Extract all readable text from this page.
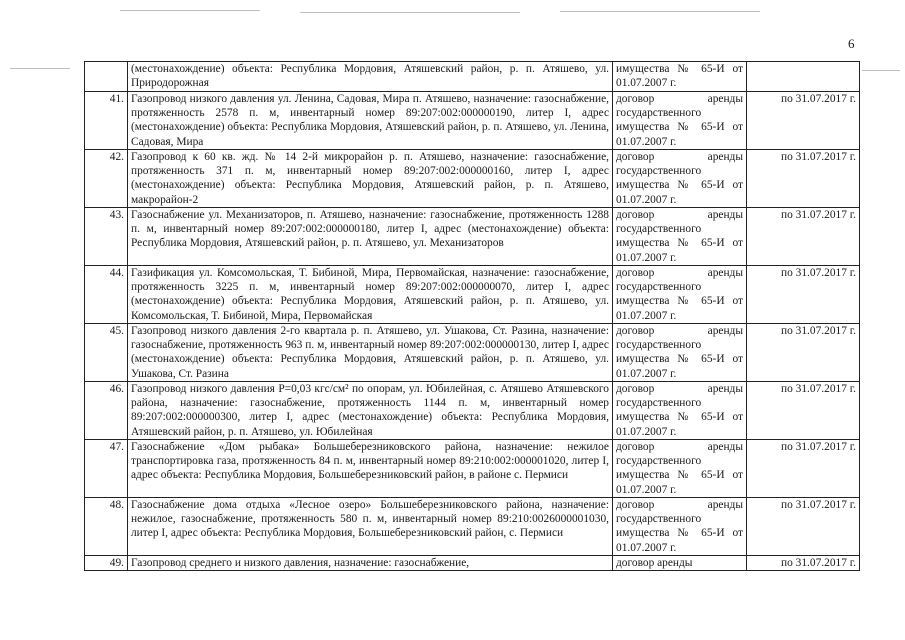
6
	(местонахождение) объекта: Республика Мордовия, Атяшевский район, р. п. Атяшево, ул. Природорожная	имущества № 65-И от 01.07.2007 г.	
41.	Газопровод низкого давления ул. Ленина, Садовая, Мира п. Атяшево, назначение: газоснабжение, протяженность 2578 п. м, инвентарный номер 89:207:002:000000190, литер I, адрес (местонахождение) объекта: Республика Мордовия, Атяшевский район, р. п. Атяшево, ул. Ленина, Садовая, Мира	договор аренды государственного имущества № 65-И от 01.07.2007 г.	по 31.07.2017 г.
42.	Газопровод к 60 кв. жд. № 14 2-й микрорайон р. п. Атяшево, назначение: газоснабжение, протяженность 371 п. м, инвентарный номер 89:207:002:000000160, литер I, адрес (местонахождение) объекта: Республика Мордовия, Атяшевский район, р. п. Атяшево, макрорайон-2	договор аренды государственного имущества № 65-И от 01.07.2007 г.	по 31.07.2017 г.
43.	Газоснабжение ул. Механизаторов, п. Атяшево, назначение: газоснабжение, протяженность 1288 п. м, инвентарный номер 89:207:002:000000180, литер I, адрес (местонахождение) объекта: Республика Мордовия, Атяшевский район, р. п. Атяшево, ул. Механизаторов	договор аренды государственного имущества № 65-И от 01.07.2007 г.	по 31.07.2017 г.
44.	Газификация ул. Комсомольская, Т. Бибиной, Мира, Первомайская, назначение: газоснабжение, протяженность 3225 п. м, инвентарный номер 89:207:002:000000070, литер I, адрес (местонахождение) объекта: Республика Мордовия, Атяшевский район, р. п. Атяшево, ул. Комсомольская, Т. Бибиной, Мира, Первомайская	договор аренды государственного имущества № 65-И от 01.07.2007 г.	по 31.07.2017 г.
45.	Газопровод низкого давления 2-го квартала р. п. Атяшево, ул. Ушакова, Ст. Разина, назначение: газоснабжение, протяженность 963 п. м, инвентарный номер 89:207:002:000000130, литер I, адрес (местонахождение) объекта: Республика Мордовия, Атяшевский район, р. п. Атяшево, ул. Ушакова, Ст. Разина	договор аренды государственного имущества № 65-И от 01.07.2007 г.	по 31.07.2017 г.
46.	Газопровод низкого давления P=0,03 кгс/см² по опорам, ул. Юбилейная, с. Атяшево Атяшевского района, назначение: газоснабжение, протяженность 1144 п. м, инвентарный номер 89:207:002:000000300, литер I, адрес (местонахождение) объекта: Республика Мордовия, Атяшевский район, р. п. Атяшево, ул. Юбилейная	договор аренды государственного имущества № 65-И от 01.07.2007 г.	по 31.07.2017 г.
47.	Газоснабжение «Дом рыбака» Большеберезниковского района, назначение: нежилое транспортировка газа, протяженность 84 п. м, инвентарный номер 89:210:002:000001020, литер I, адрес объекта: Республика Мордовия, Большеберезниковский район, в районе с. Пермиси	договор аренды государственного имущества № 65-И от 01.07.2007 г.	по 31.07.2017 г.
48.	Газоснабжение дома отдыха «Лесное озеро» Большеберезниковского района, назначение: нежилое, газоснабжение, протяженность 580 п. м, инвентарный номер 89:210:0026000001030, литер I, адрес объекта: Республика Мордовия, Большеберезниковский район, с. Пермиси	договор аренды государственного имущества № 65-И от 01.07.2007 г.	по 31.07.2017 г.
49.	Газопровод среднего и низкого давления, назначение: газоснабжение,	договор аренды	по 31.07.2017 г.
